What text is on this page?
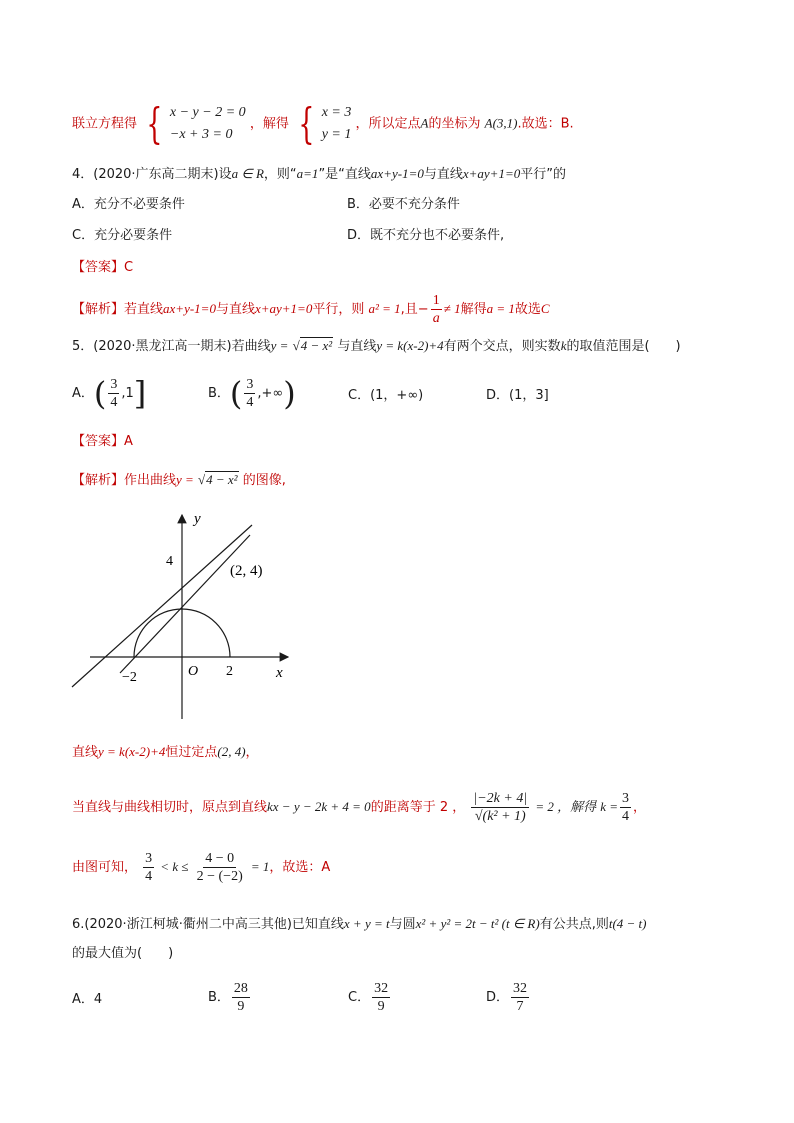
联立方程得 { x − y − 2 = 0
−x + 3 = 0
，解得 { x = 3
y = 1
，所以定点A的坐标为 A(3,1).故选：B.
4．(2020·广东高二期末)设a ∈ R，则“a=1”是“直线ax+y-1=0与直线x+ay+1=0平行”的
A．充分不必要条件	B．必要不充分条件
C．充分必要条件	D．既不充分也不必要条件,
【答案】C
【解析】若直线ax+y-1=0与直线x+ay+1=0平行，则 a² = 1,且− $\frac{1}{a} \ne 1$解得a = 1故选C
5．(2020·黑龙江高一期末)若曲线y = √4 − x² 与直线y = k(x-2)+4有两个交点，则实数k的取值范围是(　　)
A．( $\frac{3}{4} ,1$]	B．( $\frac{3}{4}$ ,+∞)	C．(1，+∞)	D．(1，3]
【答案】A
【解析】作出曲线y = √4 − x² 的图像,
y
x
O
4
−2	2
(2, 4)
直线y = k(x-2)+4恒过定点(2, 4)，
当直线与曲线相切时，原点到直线kx − y − 2k + 4 = 0的距离等于 2 ， $\frac{|-2k + 4|}{\text{√(k² + 1)}} = 2$ ，解得 $k = \frac{3}{4}$ ，
由图可知， $\frac{3}{4} < k \le \frac{4 - 0}{2 - (-2)} = 1$，故选：A
6.(2020·浙江柯城·衢州二中高三其他)已知直线x + y = t与圆x² + y² = 2t − t² (t ∈ R)有公共点,则t(4 − t)
的最大值为(　　)
A．4	B． $\frac{28}{9}$	C． $\frac{32}{9}$	D． $\frac{32}{7}$
